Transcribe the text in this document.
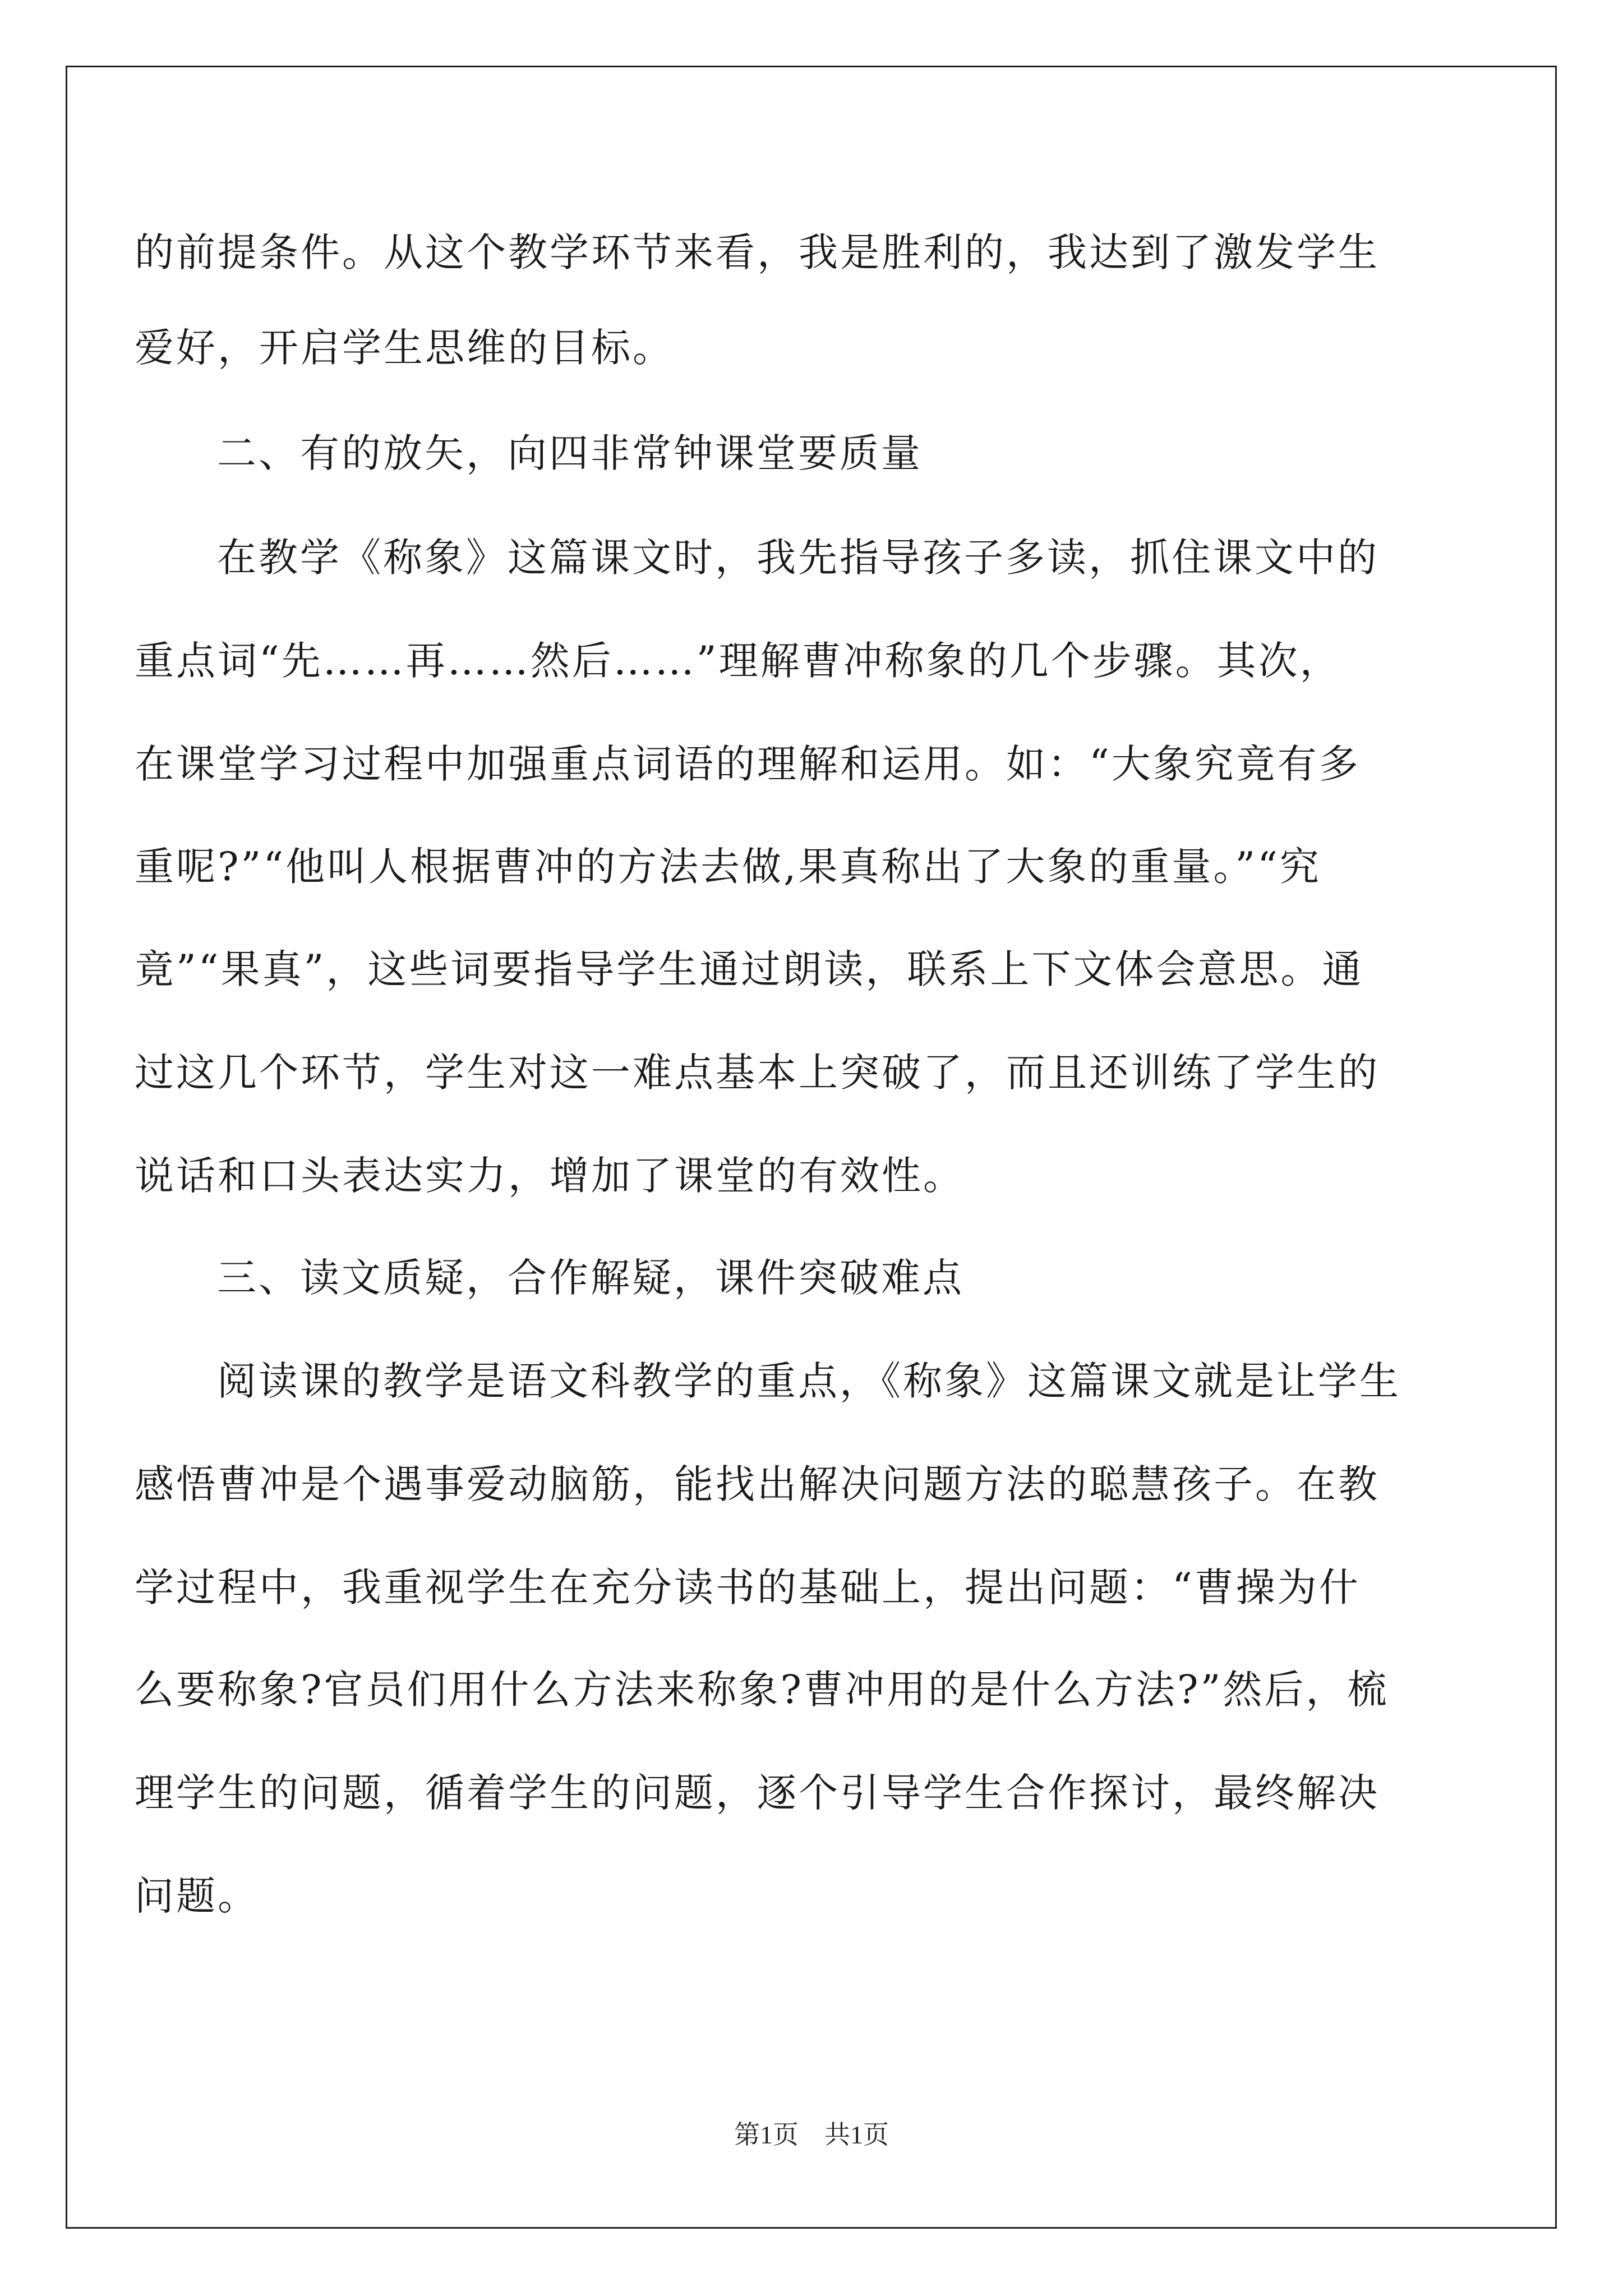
的前提条件。从这个教学环节来看，我是胜利的，我达到了激发学生
爱好，开启学生思维的目标。
二、有的放矢，向四非常钟课堂要质量
在教学《称象》这篇课文时，我先指导孩子多读，抓住课文中的
重点词“先……再……然后……”理解曹冲称象的几个步骤。其次，
在课堂学习过程中加强重点词语的理解和运用。如：“大象究竟有多
重呢?”“他叫人根据曹冲的方法去做,果真称出了大象的重量。”“究
竟”“果真”，这些词要指导学生通过朗读，联系上下文体会意思。通
过这几个环节，学生对这一难点基本上突破了，而且还训练了学生的
说话和口头表达实力，增加了课堂的有效性。
三、读文质疑，合作解疑，课件突破难点
阅读课的教学是语文科教学的重点，《称象》这篇课文就是让学生
感悟曹冲是个遇事爱动脑筋，能找出解决问题方法的聪慧孩子。在教
学过程中，我重视学生在充分读书的基础上，提出问题：“曹操为什
么要称象?官员们用什么方法来称象?曹冲用的是什么方法?”然后，梳
理学生的问题，循着学生的问题，逐个引导学生合作探讨，最终解决
问题。
第1页　共1页
